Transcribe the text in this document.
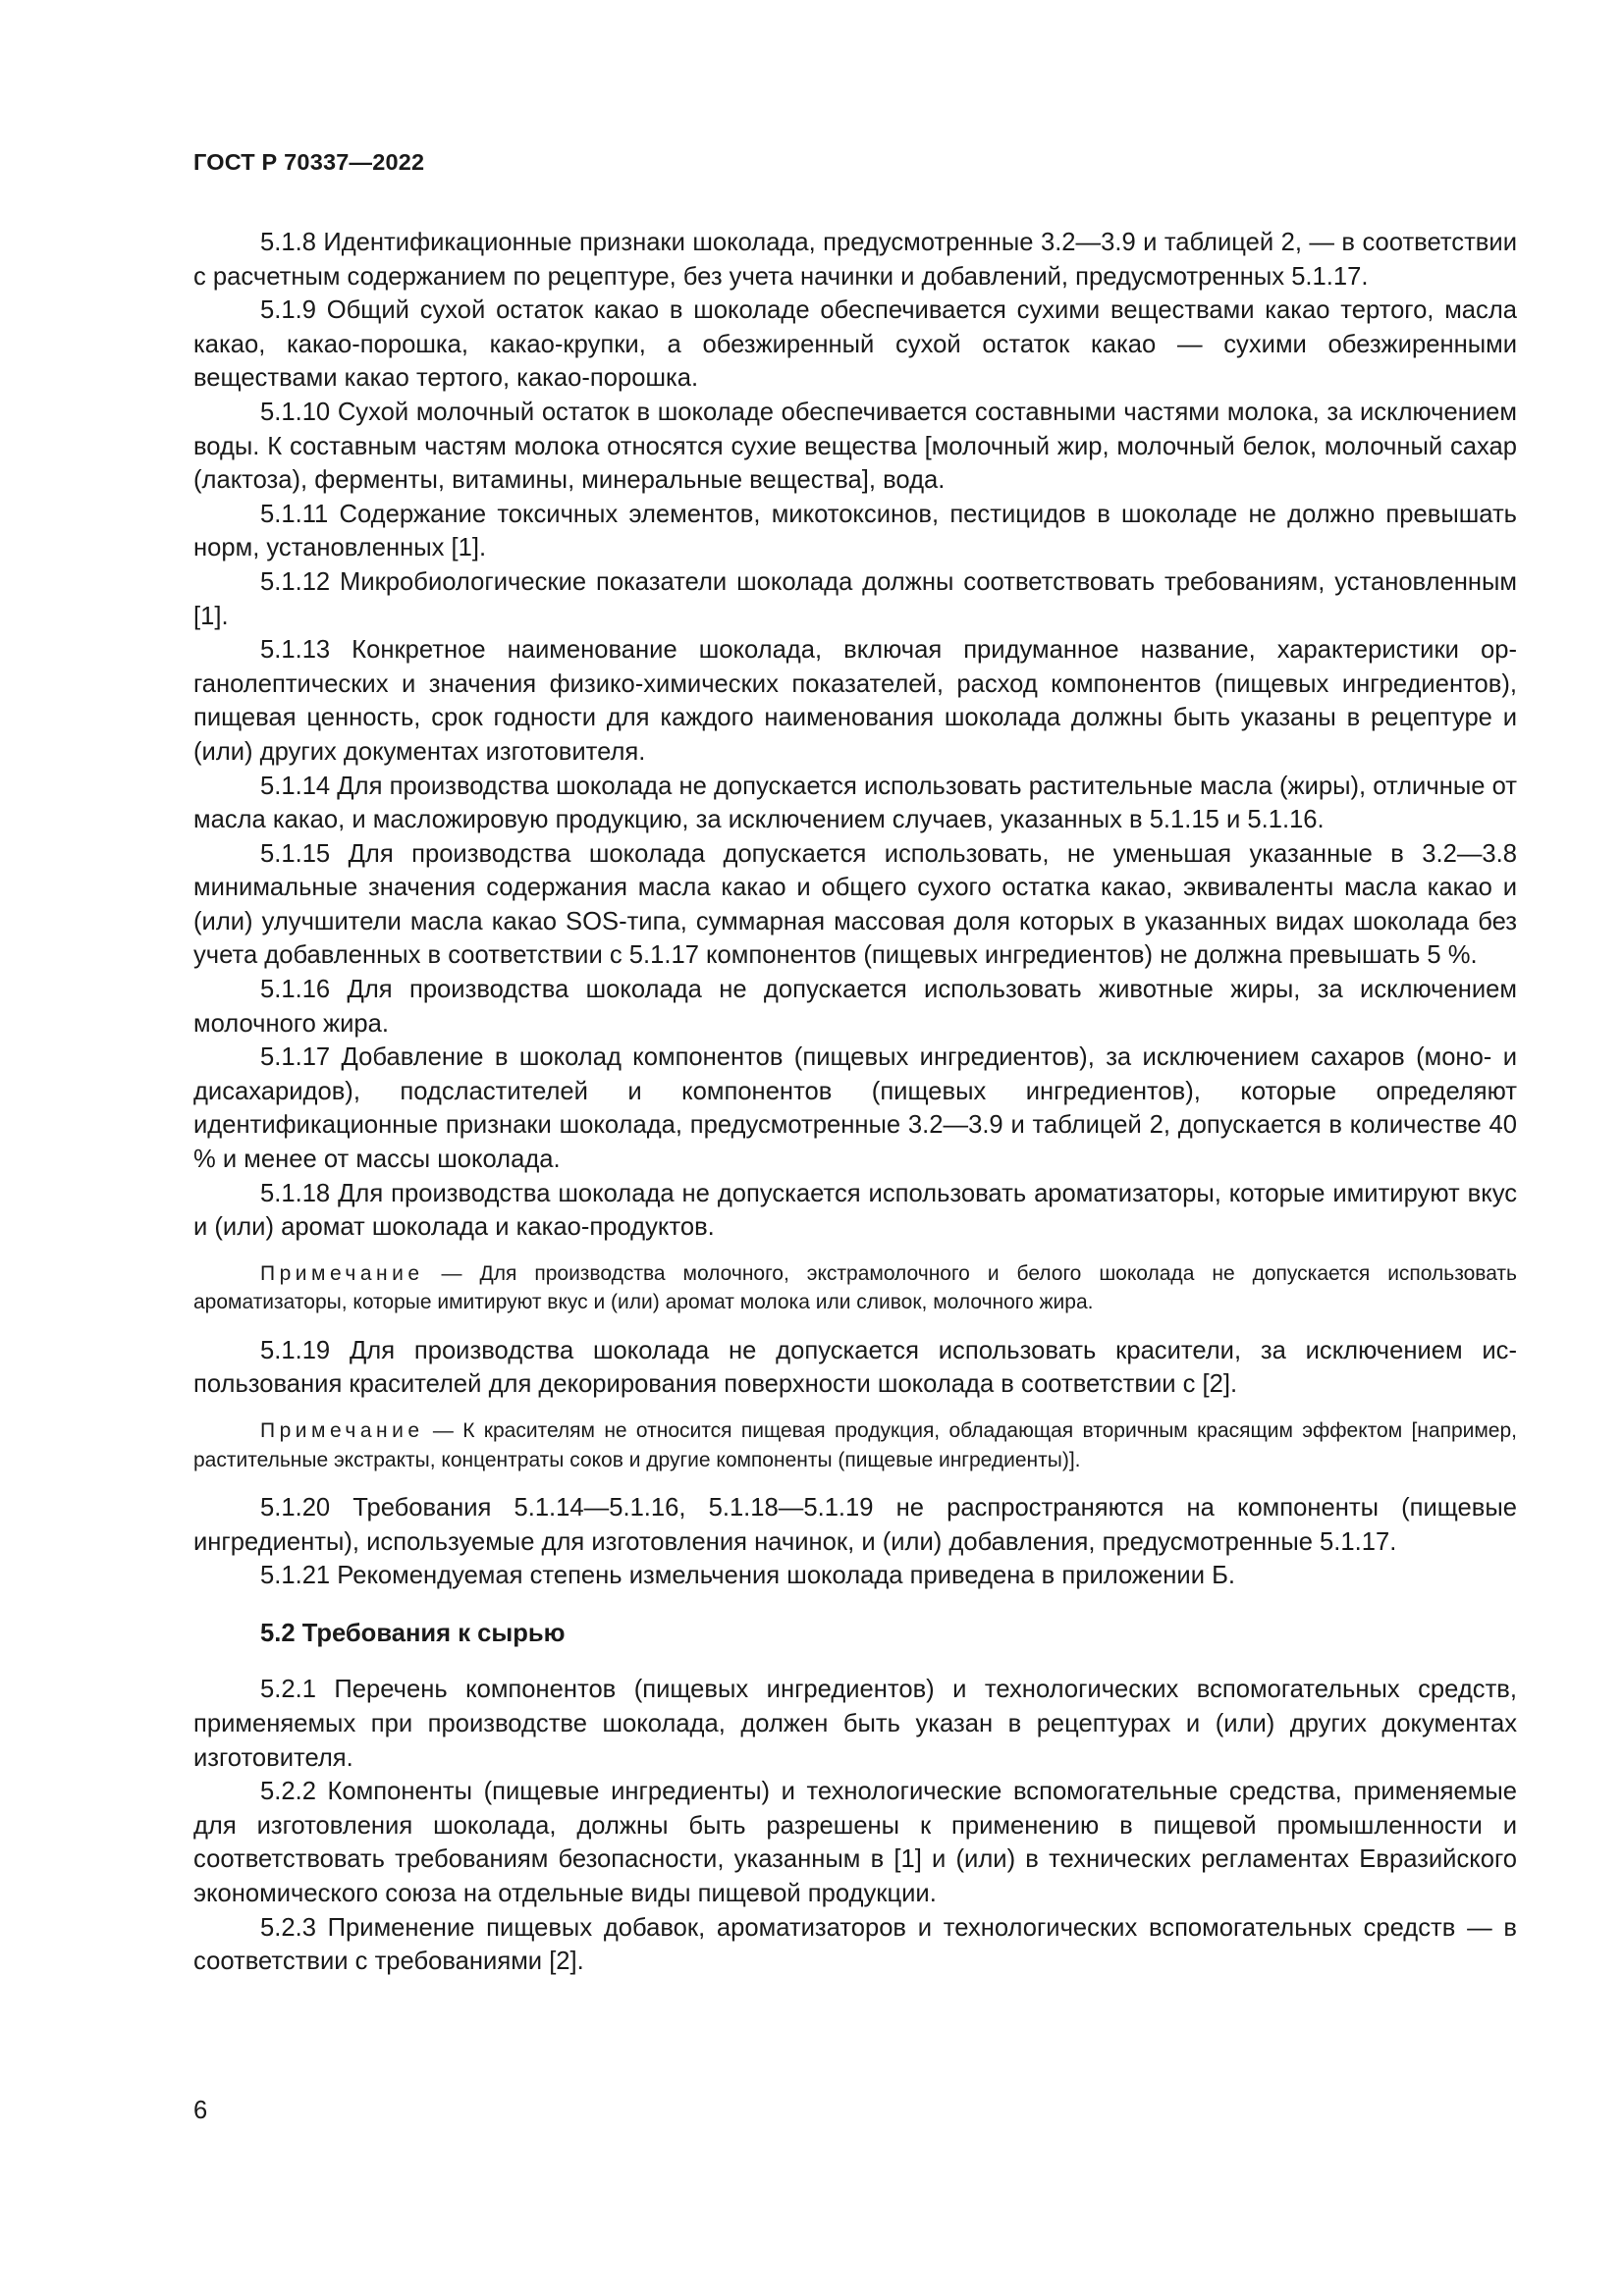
ГОСТ Р 70337—2022

5.1.8 Идентификационные признаки шоколада, предусмотренные 3.2—3.9 и таблицей 2, — в соответствии с расчетным содержанием по рецептуре, без учета начинки и добавлений, предусмотренных 5.1.17.

5.1.9 Общий сухой остаток какао в шоколаде обеспечивается сухими веществами какао тертого, масла какао, какао-порошка, какао-крупки, а обезжиренный сухой остаток какао — сухими обезжиренными веществами какао тертого, какао-порошка.

5.1.10 Сухой молочный остаток в шоколаде обеспечивается составными частями молока, за исключением воды. К составным частям молока относятся сухие вещества [молочный жир, молочный белок, молочный сахар (лактоза), ферменты, витамины, минеральные вещества], вода.

5.1.11 Содержание токсичных элементов, микотоксинов, пестицидов в шоколаде не должно превышать норм, установленных [1].

5.1.12 Микробиологические показатели шоколада должны соответствовать требованиям, установленным [1].

5.1.13 Конкретное наименование шоколада, включая придуманное название, характеристики органолептических и значения физико-химических показателей, расход компонентов (пищевых ингредиентов), пищевая ценность, срок годности для каждого наименования шоколада должны быть указаны в рецептуре и (или) других документах изготовителя.

5.1.14 Для производства шоколада не допускается использовать растительные масла (жиры), отличные от масла какао, и масложировую продукцию, за исключением случаев, указанных в 5.1.15 и 5.1.16.

5.1.15 Для производства шоколада допускается использовать, не уменьшая указанные в 3.2—3.8 минимальные значения содержания масла какао и общего сухого остатка какао, эквиваленты масла какао и (или) улучшители масла какао SOS-типа, суммарная массовая доля которых в указанных видах шоколада без учета добавленных в соответствии с 5.1.17 компонентов (пищевых ингредиентов) не должна превышать 5 %.

5.1.16 Для производства шоколада не допускается использовать животные жиры, за исключением молочного жира.

5.1.17 Добавление в шоколад компонентов (пищевых ингредиентов), за исключением сахаров (моно- и дисахаридов), подсластителей и компонентов (пищевых ингредиентов), которые определяют идентификационные признаки шоколада, предусмотренные 3.2—3.9 и таблицей 2, допускается в количестве 40 % и менее от массы шоколада.

5.1.18 Для производства шоколада не допускается использовать ароматизаторы, которые имитируют вкус и (или) аромат шоколада и какао-продуктов.

Примечание — Для производства молочного, экстрамолочного и белого шоколада не допускается использовать ароматизаторы, которые имитируют вкус и (или) аромат молока или сливок, молочного жира.

5.1.19 Для производства шоколада не допускается использовать красители, за исключением использования красителей для декорирования поверхности шоколада в соответствии с [2].

Примечание — К красителям не относится пищевая продукция, обладающая вторичным красящим эффектом [например, растительные экстракты, концентраты соков и другие компоненты (пищевые ингредиенты)].

5.1.20 Требования 5.1.14—5.1.16, 5.1.18—5.1.19 не распространяются на компоненты (пищевые ингредиенты), используемые для изготовления начинок, и (или) добавления, предусмотренные 5.1.17.

5.1.21 Рекомендуемая степень измельчения шоколада приведена в приложении Б.

5.2 Требования к сырью

5.2.1 Перечень компонентов (пищевых ингредиентов) и технологических вспомогательных средств, применяемых при производстве шоколада, должен быть указан в рецептурах и (или) других документах изготовителя.

5.2.2 Компоненты (пищевые ингредиенты) и технологические вспомогательные средства, применяемые для изготовления шоколада, должны быть разрешены к применению в пищевой промышленности и соответствовать требованиям безопасности, указанным в [1] и (или) в технических регламентах Евразийского экономического союза на отдельные виды пищевой продукции.

5.2.3 Применение пищевых добавок, ароматизаторов и технологических вспомогательных средств — в соответствии с требованиями [2].

6
